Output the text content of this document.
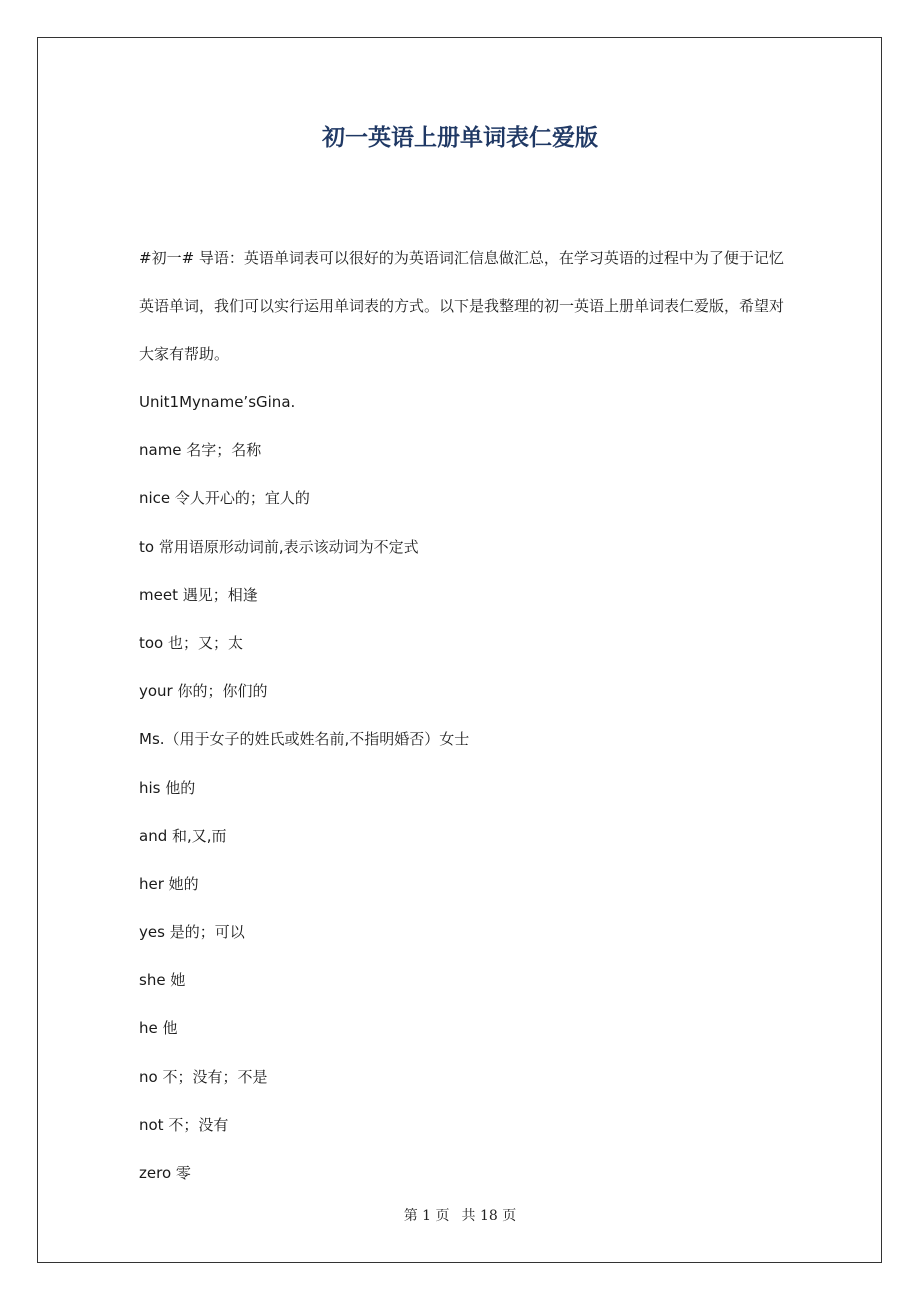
初一英语上册单词表仁爱版

#初一# 导语：英语单词表可以很好的为英语词汇信息做汇总，在学习英语的过程中为了便于记忆英语单词，我们可以实行运用单词表的方式。以下是我整理的初一英语上册单词表仁爱版，希望对大家有帮助。

Unit1Myname’sGina.
name 名字；名称
nice 令人开心的；宜人的
to 常用语原形动词前,表示该动词为不定式
meet 遇见；相逢
too 也；又；太
your 你的；你们的
Ms.（用于女子的姓氏或姓名前,不指明婚否）女士
his 他的
and 和,又,而
her 她的
yes 是的；可以
she 她
he 他
no 不；没有；不是
not 不；没有
zero 零
第 1 页 共 18 页
